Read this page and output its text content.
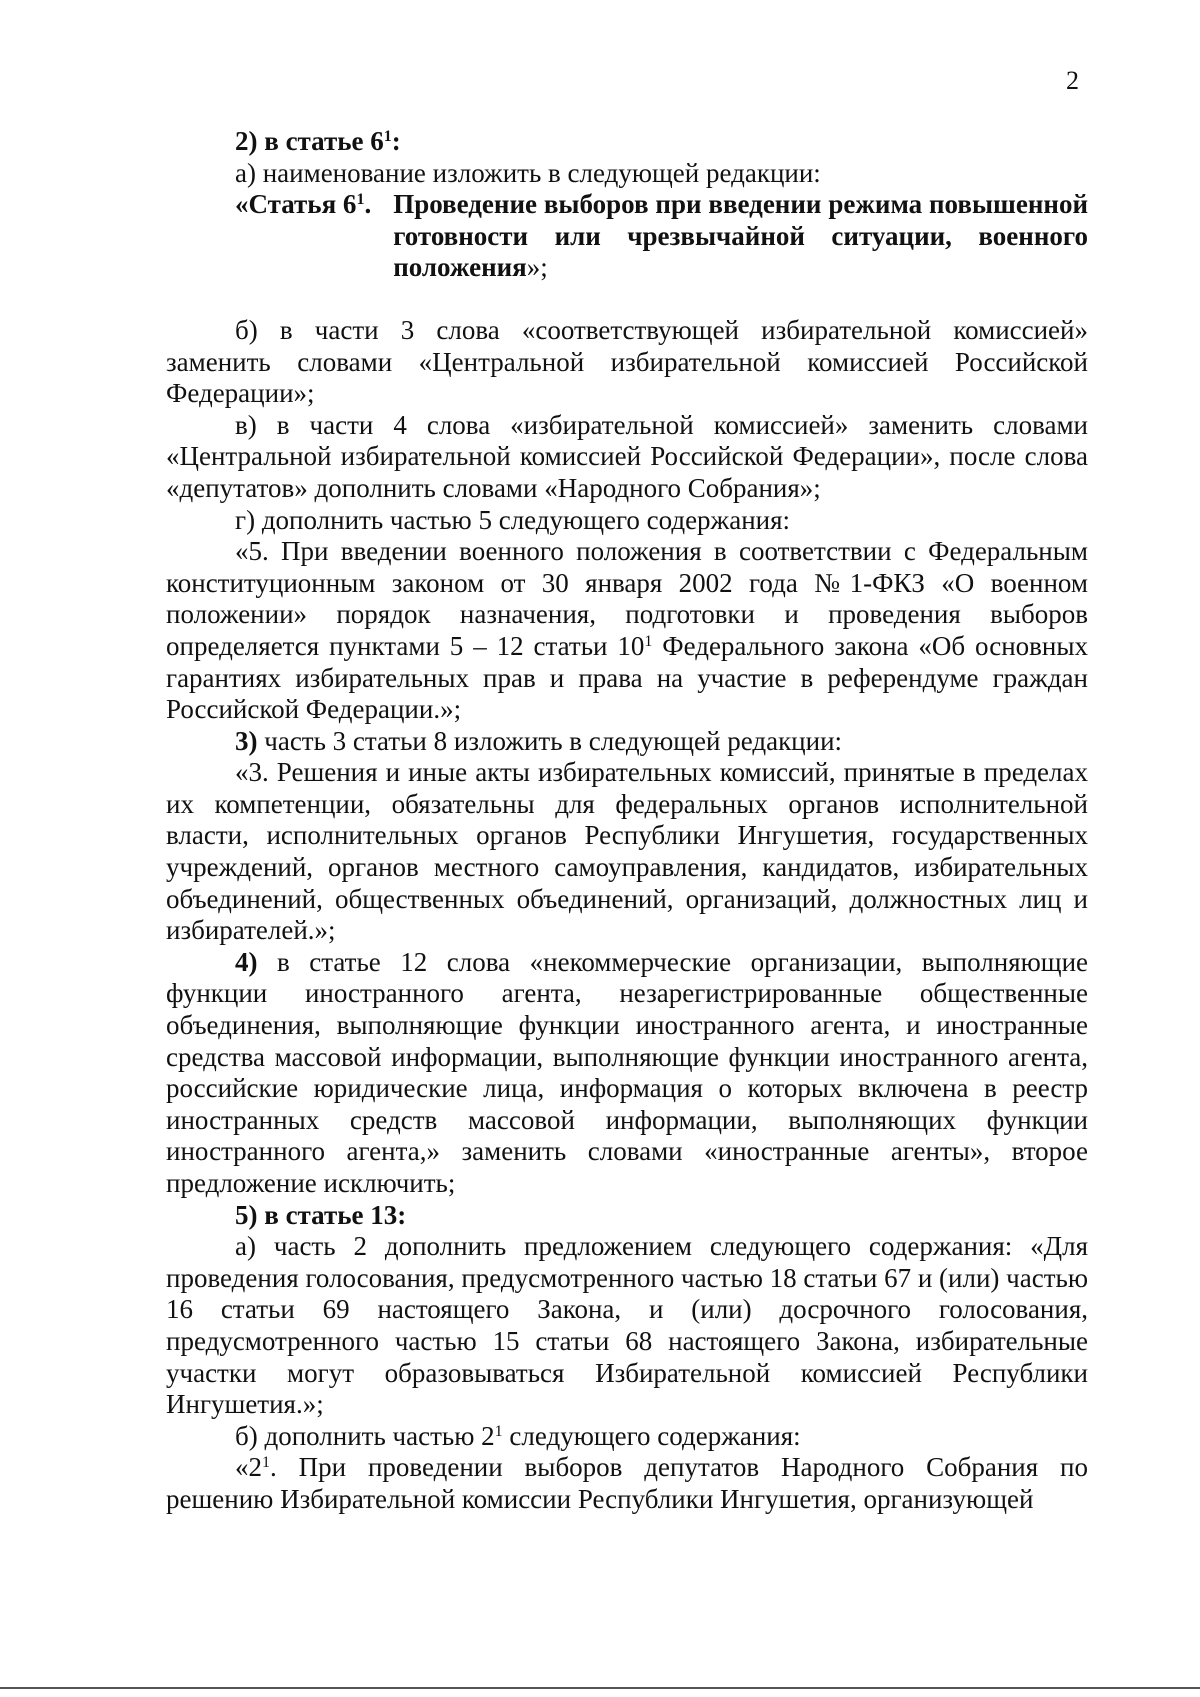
2

2) в статье $6^1$:

а) наименование изложить в следующей редакции:

«Статья $6^1$. Проведение выборов при введении режима повышенной готовности или чрезвычайной ситуации, военного положения»;

б) в части 3 слова «соответствующей избирательной комиссией» заменить словами «Центральной избирательной комиссией Российской Федерации»;

в) в части 4 слова «избирательной комиссией» заменить словами «Центральной избирательной комиссией Российской Федерации», после слова «депутатов» дополнить словами «Народного Собрания»;

г) дополнить частью 5 следующего содержания:

«5. При введении военного положения в соответствии с Федеральным конституционным законом от 30 января 2002 года №1-ФКЗ «О военном положении» порядок назначения, подготовки и проведения выборов определяется пунктами 5 – 12 статьи $10^1$ Федерального закона «Об основных гарантиях избирательных прав и права на участие в референдуме граждан Российской Федерации.»;

3) часть 3 статьи 8 изложить в следующей редакции:

«3. Решения и иные акты избирательных комиссий, принятые в пределах их компетенции, обязательны для федеральных органов исполнительной власти, исполнительных органов Республики Ингушетия, государственных учреждений, органов местного самоуправления, кандидатов, избирательных объединений, общественных объединений, организаций, должностных лиц и избирателей.»;

4) в статье 12 слова «некоммерческие организации, выполняющие функции иностранного агента, незарегистрированные общественные объединения, выполняющие функции иностранного агента, и иностранные средства массовой информации, выполняющие функции иностранного агента, российские юридические лица, информация о которых включена в реестр иностранных средств массовой информации, выполняющих функции иностранного агента,» заменить словами «иностранные агенты», второе предложение исключить;

5) в статье 13:

а) часть 2 дополнить предложением следующего содержания: «Для проведения голосования, предусмотренного частью 18 статьи 67 и (или) частью 16 статьи 69 настоящего Закона, и (или) досрочного голосования, предусмотренного частью 15 статьи 68 настоящего Закона, избирательные участки могут образовываться Избирательной комиссией Республики Ингушетия.»;

б) дополнить частью $2^1$ следующего содержания:

«$2^1$. При проведении выборов депутатов Народного Собрания по решению Избирательной комиссии Республики Ингушетия, организующей
